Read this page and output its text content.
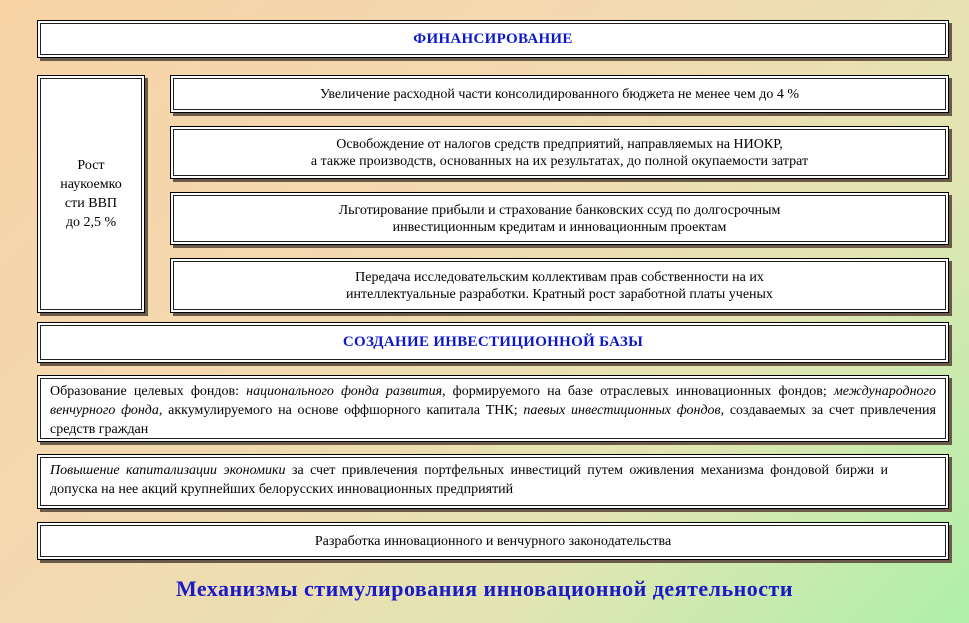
ФИНАНСИРОВАНИЕ
Рост
наукоемко
сти ВВП
до 2,5 %
Увеличение расходной части консолидированного бюджета не менее чем до 4 %
Освобождение от налогов средств предприятий, направляемых на НИОКР,
а также производств, основанных на их результатах, до полной окупаемости затрат
Льготирование прибыли и страхование банковских ссуд по долгосрочным
инвестиционным кредитам и инновационным проектам
Передача исследовательским коллективам прав собственности на их
интеллектуальные разработки. Кратный рост заработной платы ученых
СОЗДАНИЕ ИНВЕСТИЦИОННОЙ БАЗЫ
Образование целевых фондов: национального фонда развития, формируемого на базе отраслевых инновационных фондов; международного венчурного фонда, аккумулируемого на основе оффшорного капитала ТНК; паевых инвестиционных фондов, создаваемых за счет привлечения средств граждан
Повышение капитализации экономики за счет привлечения портфельных инвестиций путем оживления механизма фондовой биржи и допуска на нее акций крупнейших белорусских инновационных предприятий
Разработка инновационного и венчурного законодательства
Механизмы стимулирования инновационной деятельности
